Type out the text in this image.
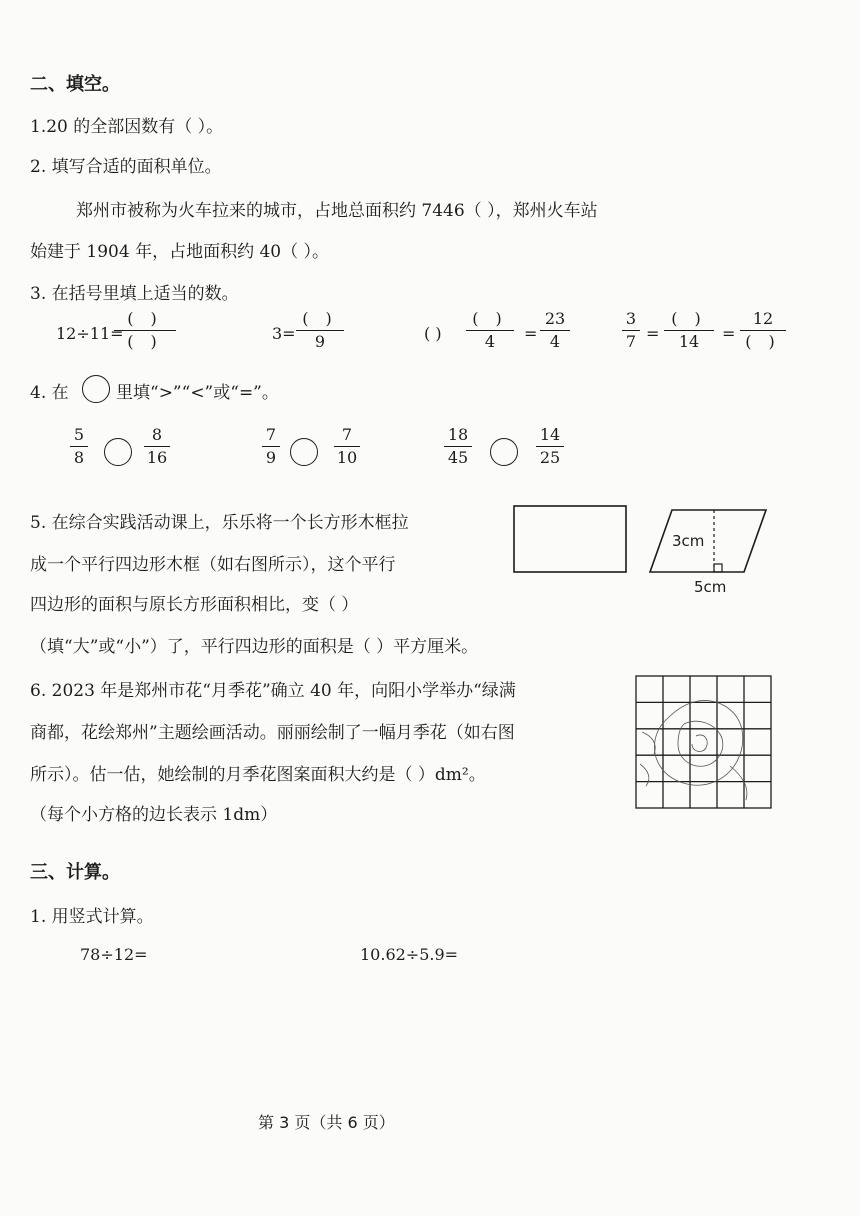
二、填空。
1.20 的全部因数有（ ）。
2. 填写合适的面积单位。
郑州市被称为火车拉来的城市，占地总面积约 7446（ ），郑州火车站
始建于 1904 年，占地面积约 40（ ）。
3. 在括号里填上适当的数。
12÷11=
( )
( )	3=
( )
9	( )
( )
4	=
23
4
3
7 =
( )
14	=
12
( )
4. 在	里填“>”“<”或“=”。
5
8
8
16
7
9
7
10
18
45
14
25
5. 在综合实践活动课上，乐乐将一个长方形木框拉
成一个平行四边形木框（如右图所示），这个平行
四边形的面积与原长方形面积相比，变（ ）
（填“大”或“小”）了，平行四边形的面积是（ ）平方厘米。
3cm
5cm
6. 2023 年是郑州市花“月季花”确立 40 年，向阳小学举办“绿满
商都，花绘郑州”主题绘画活动。丽丽绘制了一幅月季花（如右图
所示）。估一估，她绘制的月季花图案面积大约是（ ）dm²。
（每个小方格的边长表示 1dm）
三、计算。
1. 用竖式计算。
78÷12=	10.62÷5.9=
第 3 页（共 6 页）
